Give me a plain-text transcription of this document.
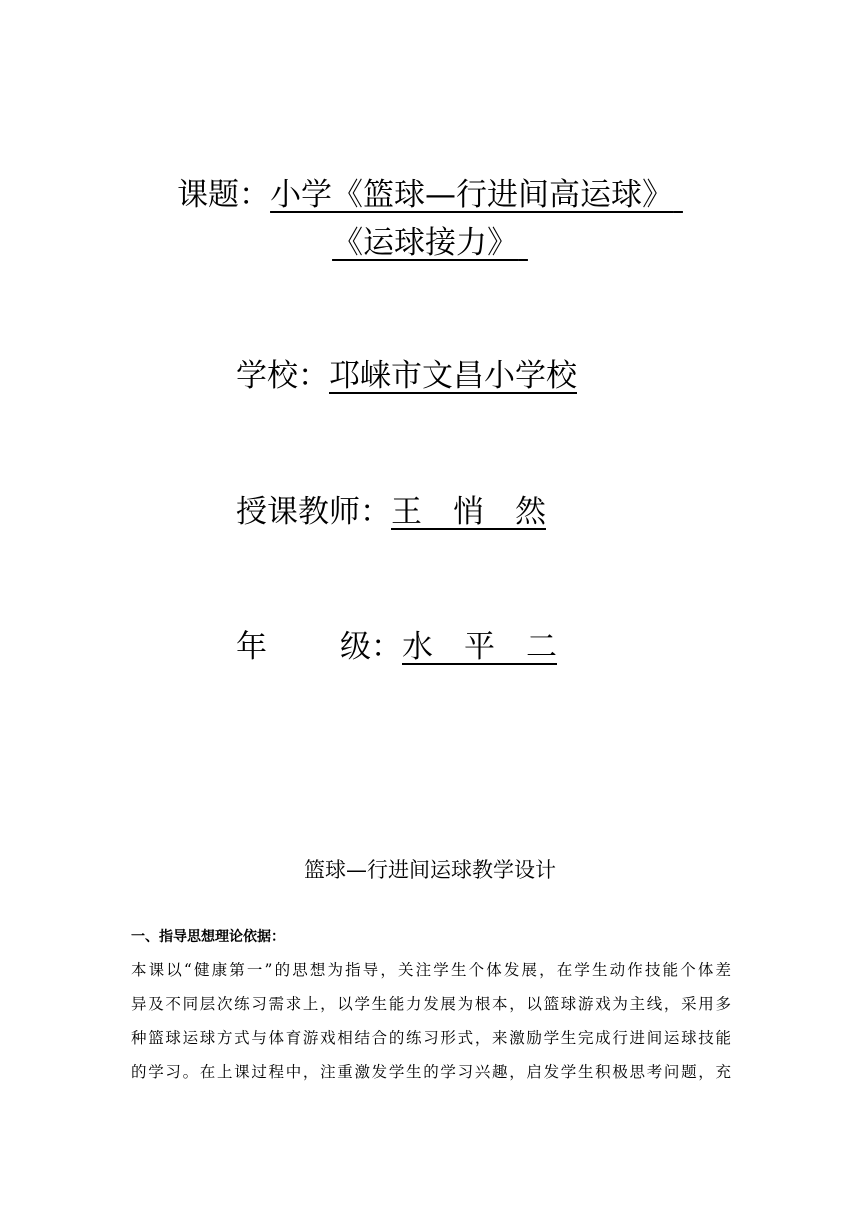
课题：小学《篮球—行进间高运球》
《运球接力》
学校：邛崃市文昌小学校
授课教师：王　悄　然
年 级：水　平　二
篮球—行进间运球教学设计
一、指导思想理论依据：
本课以“健康第一”的思想为指导，关注学生个体发展，在学生动作技能个体差
异及不同层次练习需求上，以学生能力发展为根本，以篮球游戏为主线，采用多
种篮球运球方式与体育游戏相结合的练习形式，来激励学生完成行进间运球技能
的学习。在上课过程中，注重激发学生的学习兴趣，启发学生积极思考问题，充
